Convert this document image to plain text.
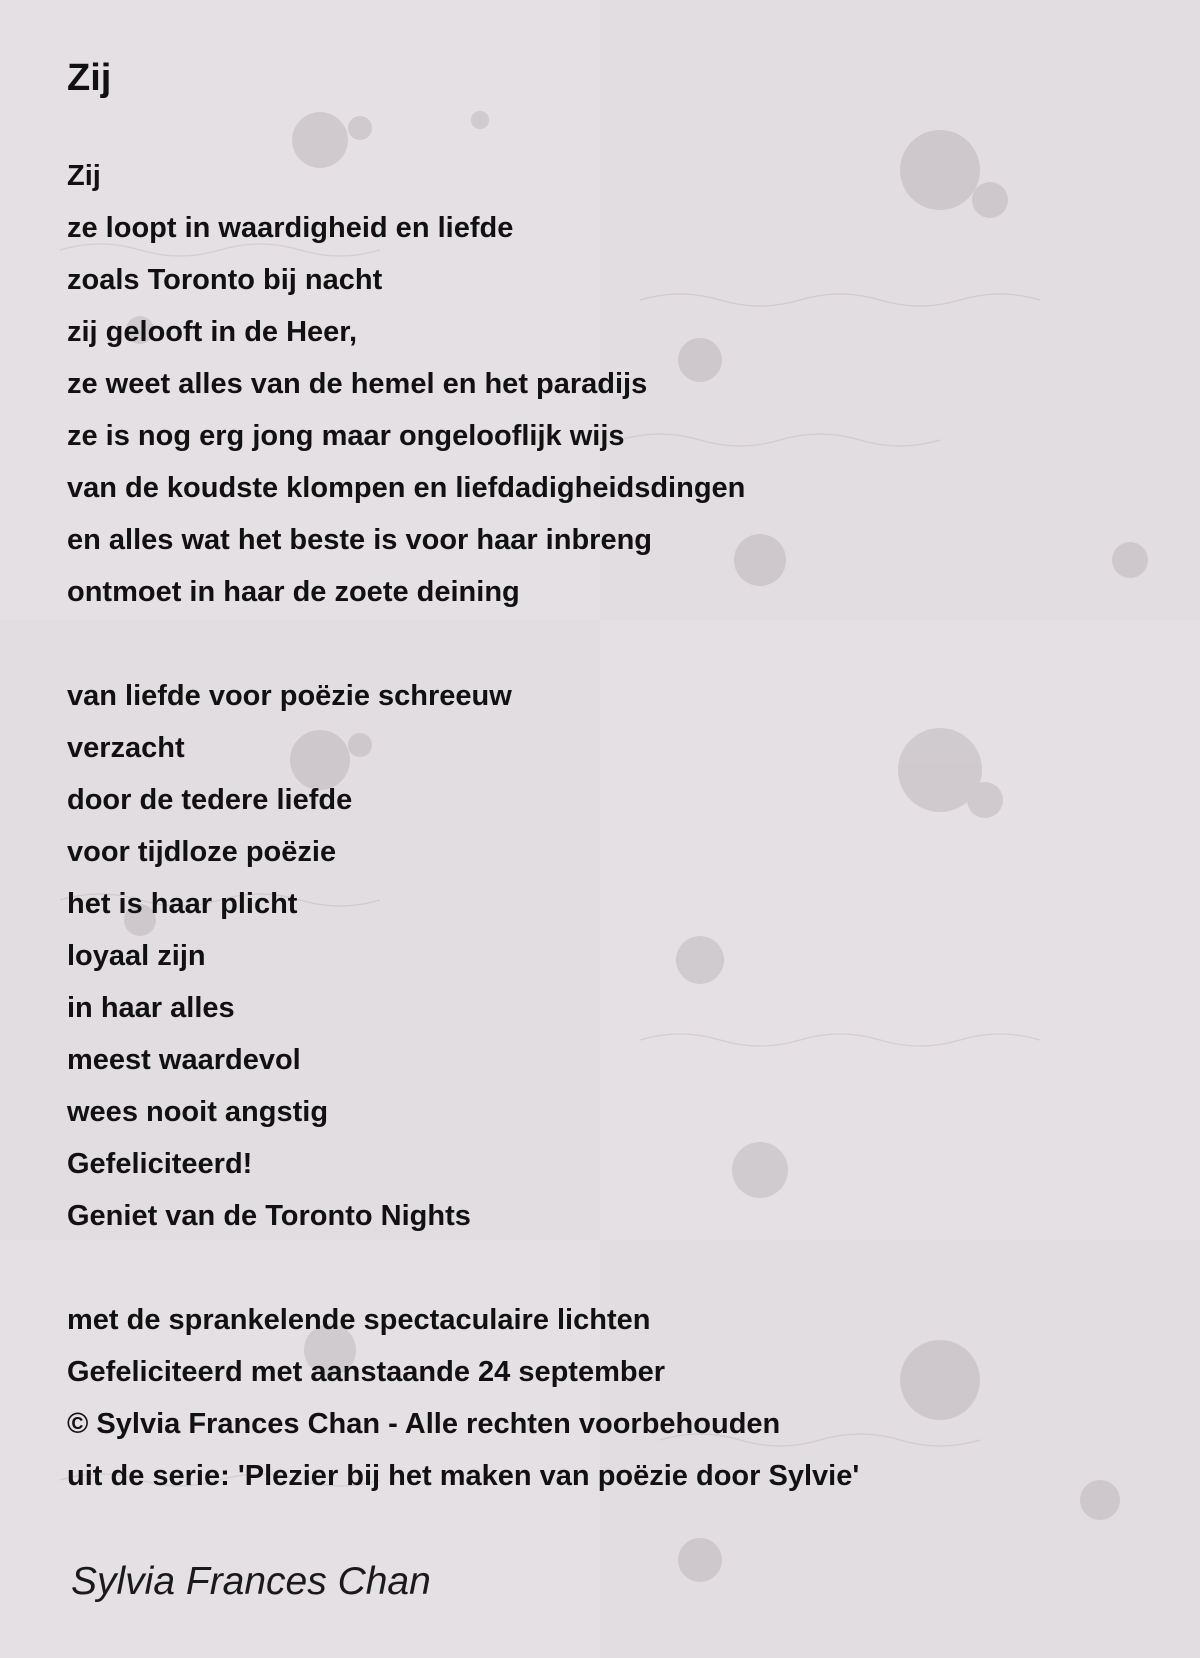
Zij
Zij
ze loopt in waardigheid en liefde
zoals Toronto bij nacht
zij gelooft in de Heer,
ze weet alles van de hemel en het paradijs
ze is nog erg jong maar ongelooflijk wijs
van de koudste klompen en liefdadigheidsdingen
en alles wat het beste is voor haar inbreng
ontmoet in haar de zoete deining
van liefde voor poëzie schreeuw
verzacht
door de tedere liefde
voor tijdloze poëzie
het is haar plicht
loyaal zijn
in haar alles
meest waardevol
wees nooit angstig
Gefeliciteerd!
Geniet van de Toronto Nights
met de sprankelende spectaculaire lichten
Gefeliciteerd met aanstaande 24 september
© Sylvia Frances Chan - Alle rechten voorbehouden
uit de serie: 'Plezier bij het maken van poëzie door Sylvie'
Sylvia Frances Chan
